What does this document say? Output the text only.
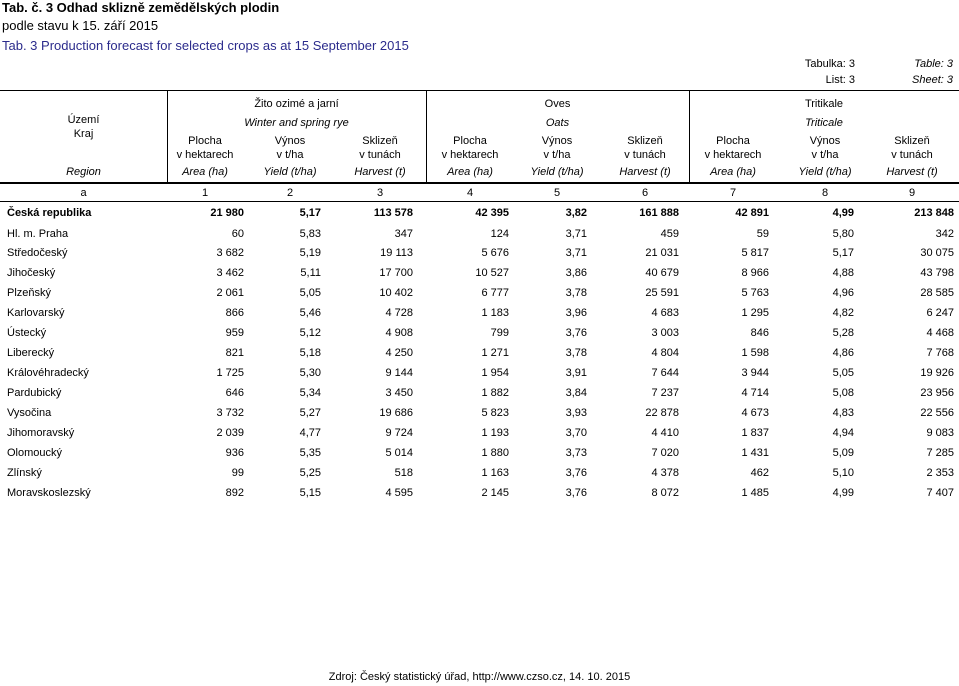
Tab. č. 3 Odhad sklizně zemědělských plodin
podle stavu k 15. září 2015
Tab. 3 Production forecast for selected crops as at 15 September 2015
Tabulka: 3	Table: 3
List: 3	Sheet: 3
Území
Kraj
Region
Žito ozimé a jarní
Winter and spring rye
Oves
Oats
Tritikale
Triticale
Plocha
v hektarech
Area (ha)
Výnos
v t/ha
Yield (t/ha)
Sklizeň
v tunách
Harvest (t)
Plocha
v hektarech
Area (ha)
Výnos
v t/ha
Yield (t/ha)
Sklizeň
v tunách
Harvest (t)
Plocha
v hektarech
Area (ha)
Výnos
v t/ha
Yield (t/ha)
Sklizeň
v tunách
Harvest (t)
a	1	2	3	4	5	6	7	8	9
Česká republika	21 980	5,17	113 578	42 395	3,82	161 888	42 891	4,99	213 848
Hl. m. Praha	60	5,83	347	124	3,71	459	59	5,80	342
Středočeský	3 682	5,19	19 113	5 676	3,71	21 031	5 817	5,17	30 075
Jihočeský	3 462	5,11	17 700	10 527	3,86	40 679	8 966	4,88	43 798
Plzeňský	2 061	5,05	10 402	6 777	3,78	25 591	5 763	4,96	28 585
Karlovarský	866	5,46	4 728	1 183	3,96	4 683	1 295	4,82	6 247
Ústecký	959	5,12	4 908	799	3,76	3 003	846	5,28	4 468
Liberecký	821	5,18	4 250	1 271	3,78	4 804	1 598	4,86	7 768
Královéhradecký	1 725	5,30	9 144	1 954	3,91	7 644	3 944	5,05	19 926
Pardubický	646	5,34	3 450	1 882	3,84	7 237	4 714	5,08	23 956
Vysočina	3 732	5,27	19 686	5 823	3,93	22 878	4 673	4,83	22 556
Jihomoravský	2 039	4,77	9 724	1 193	3,70	4 410	1 837	4,94	9 083
Olomoucký	936	5,35	5 014	1 880	3,73	7 020	1 431	5,09	7 285
Zlínský	99	5,25	518	1 163	3,76	4 378	462	5,10	2 353
Moravskoslezský	892	5,15	4 595	2 145	3,76	8 072	1 485	4,99	7 407
Zdroj: Český statistický úřad, http://www.czso.cz, 14. 10. 2015
